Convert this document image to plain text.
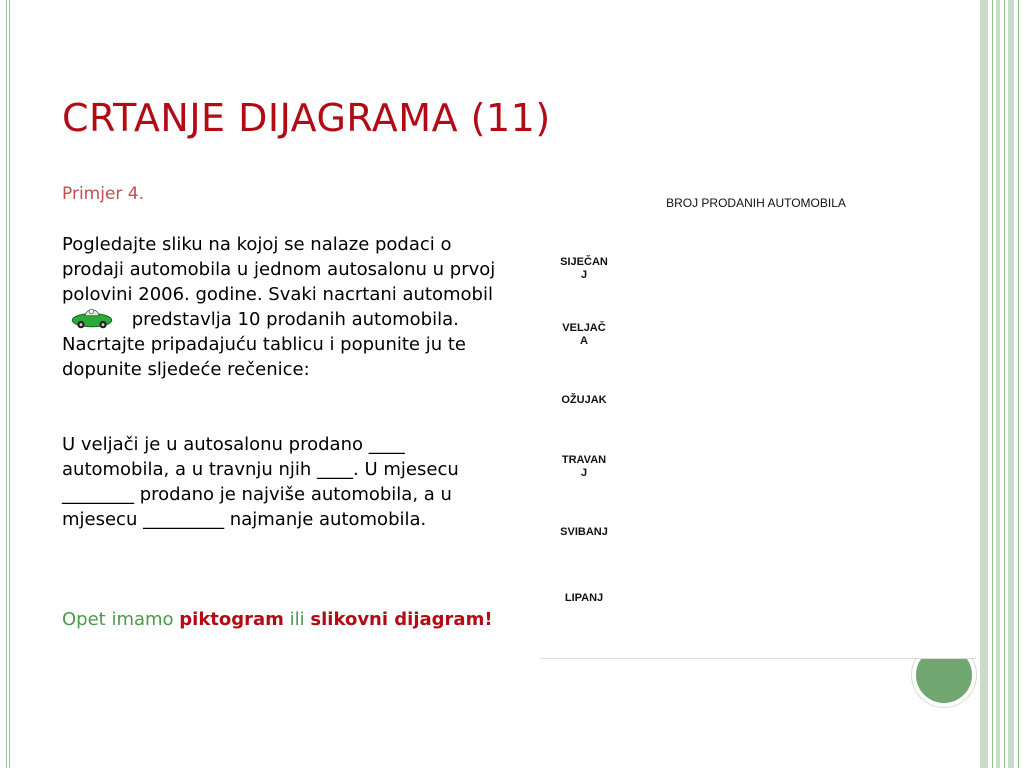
CRTANJE DIJAGRAMA (11)
Primjer 4.
Pogledajte sliku na kojoj se nalaze podaci o prodaji automobila u jednom autosalonu u prvoj polovini 2006. godine. Svaki nacrtani automobil  predstavlja 10 prodanih automobila. Nacrtajte pripadajuću tablicu i popunite ju te dopunite sljedeće rečenice:
U veljači je u autosalonu prodano ____ automobila, a u travnju njih ____. U mjesecu ________ prodano je najviše automobila, a u mjesecu _________ najmanje automobila.
Opet imamo piktogram ili slikovni dijagram!
BROJ PRODANIH AUTOMOBILA
SIJEČAN J
VELJAČ A
OŽUJAK
TRAVAN J
SVIBANJ
LIPANJ
